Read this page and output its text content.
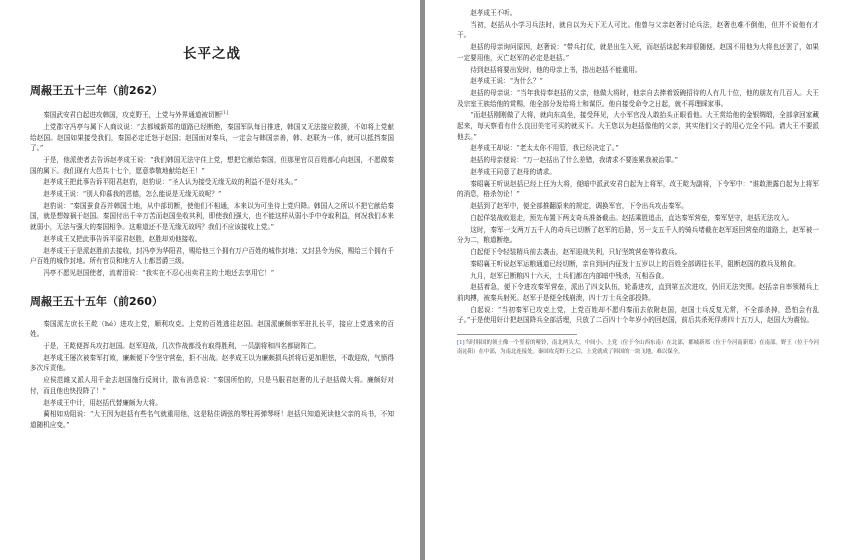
长平之战
周赧王五十三年（前262）
秦国武安君白起进攻韩国，攻克野王，上党与外界通道被切断[1]
上党郡守冯亭与属下人商议说：“去都城新郑的道路已经断绝，秦国军队每日推进，韩国又无法接应救援，不如将上党献给赵国。赵国如果接受我们，秦国必定迁怒于赵国；赵国面对秦兵，一定会与韩国亲善，韩、赵联为一体，就可以抵挡秦国了。”
于是，他派使者去告诉赵孝成王说：“我们韩国无法守住上党，想把它献给秦国，但那里官员百姓都心向赵国，不愿做秦国的属下。我们现有大邑共十七个，愿意恭敬地献给赵王！”
赵孝成王把此事告诉平阳君赵豹，赵豹说：“圣人认为接受无缘无故的利益不是好兆头。”
赵孝成王说：“别人仰慕我的恩德，怎么能说是无缘无故呢？”
赵豹说：“秦国蚕食吞并韩国土地，从中部切断，使他们不相通，本来以为可坐待上党归降。韩国人之所以不把它献给秦国，就是想嫁祸于赵国。秦国付出千辛万苦而赵国坐收其利，即使我们强大，也不能这样从弱小手中夺取利益，何况我们本来就弱小，无法与强大的秦国相争。这难道还不是无缘无故吗？我们不应该接收上党。”
赵孝成王又把此事告诉平原君赵胜，赵胜却劝他接收。
赵孝成王于是派赵胜前去接收，封冯亭为华阳君，赐给他三个拥有万户百姓的城作封地；又封县令为侯，赐给三个拥有千户百姓的城作封地。所有官员和地方人士都晋爵三级。
冯亭不愿见赵国使者，流着泪说：“我实在不忍心出卖君主的土地还去享用它！”
周赧王五十五年（前260）
秦国派左庶长王龁（hé）进攻上党，顺利攻克。上党的百姓逃往赵国。赵国派廉颇率军驻扎长平，接应上党逃来的百姓。
于是，王龁便挥兵攻打赵国。赵军迎战，几次作战都没有取得胜利，一员副将和四名都尉阵亡。
赵孝成王屡次被秦军打败，廉颇便下令坚守营垒，拒不出战。赵孝成王以为廉颇损兵折将后更加胆怯，不敢迎敌，气愤得多次斥责他。
应侯范雎又派人用千金去赵国施行反间计，散布消息说：“秦国所怕的，只是马服君赵奢的儿子赵括做大将。廉颇好对付，而且他也快投降了！”
赵孝成王中计，用赵括代替廉颇为大将。
蔺相如劝阻说：“大王因为赵括有些名气就重用他，这是粘住调弦的琴柱再弹琴呀！赵括只知道死读他父亲的兵书，不知道随机应变。”
赵孝成王不听。
当初，赵括从小学习兵法时，就自以为天下无人可比。他曾与父亲赵奢讨论兵法，赵奢也难不倒他，但并不说他有才干。
赵括的母亲询问原因，赵奢说：“带兵打仗，就是出生入死，而赵括谈起来却很随便。赵国不用他为大将也还罢了，如果一定要用他，灭亡赵军的必定是赵括。”
待到赵括将要出发时，他的母亲上书，指出赵括不能重用。
赵孝成王说：“为什么？”
赵括的母亲说：“当年我侍奉赵括的父亲，他做大将时，他亲自去捧着饭碗招待的人有几十位，他的朋友有几百人。大王及宗室王族给他的赏赐，他全部分发给将士和谋臣。他自接受命令之日起，就不再理睬家事。
“而赵括刚刚做了大将，就向东高坐，接受拜见，大小军官没人敢抬头正眼看他。大王赏给他的金银绸缎，全部拿回家藏起来，每天察看有什么良田美宅可买的就买下。大王您以为赵括像他的父亲，其实他们父子的用心完全不同。请大王不要派他去。”
赵孝成王却说：“老太太你不用管，我已经决定了。”
赵括的母亲便说：“万一赵括出了什么差错，我请求不要连累我被治罪。”
赵孝成王同意了赵母的请求。
秦昭襄王听说赵括已经上任为大将，便暗中派武安君白起为上将军，改王龁为副将，下令军中：“谁敢泄露白起为上将军的消息，格杀勿论！”
赵括到了赵军中，便全部推翻原来的规定，调换军官，下令出兵攻击秦军。
白起佯装战败退走，预先布置下两支奇兵准备截击。赵括乘胜追击，直达秦军营垒，秦军坚守，赵括无法攻入。
这时，秦军一支两万五千人的奇兵已切断了赵军的后路，另一支五千人的骑兵堵截在赵军返回营垒的道路上，赵军被一分为二，粮道断绝。
白起便下令轻装精兵前去袭击，赵军迎战失利，只好坚筑营垒等待救兵。
秦昭襄王听说赵军运粮通道已经切断，亲自到河内征发十五岁以上的百姓全部调往长平，阻断赵国的救兵及粮食。
九月，赵军已断粮四十六天，士兵们都在内部暗中残杀，互相吞食。
赵括着急，便下令进攻秦军营垒，派出了四支队伍，轮番进攻，直到第五次进攻，仍旧无法突围。赵括亲自率领精兵上前肉搏，被秦兵射死。赵军于是便全线崩溃，四十万士兵全部投降。
白起说：“当初秦军已攻克上党，上党百姓却不愿归秦而去依附赵国，赵国士兵反复无常，不全部杀掉，恐怕会有乱子。”于是使用奸计把赵国降兵全部活埋，只放了二百四十个年岁小的回赵国，前后共杀死俘虏四十五万人，赵国大为震惊。

[1]当时韩国的领土像一个竖着的哑铃，南北两头大，中间小。上党（位于今山西东南）在北部，都城新郑（位于今河南新郑）在南部。野王（位于今河南沁阳）在中部，为南北连接处。秦国攻克野王之后，上党就成了韩国的一块飞地，难以保全。
